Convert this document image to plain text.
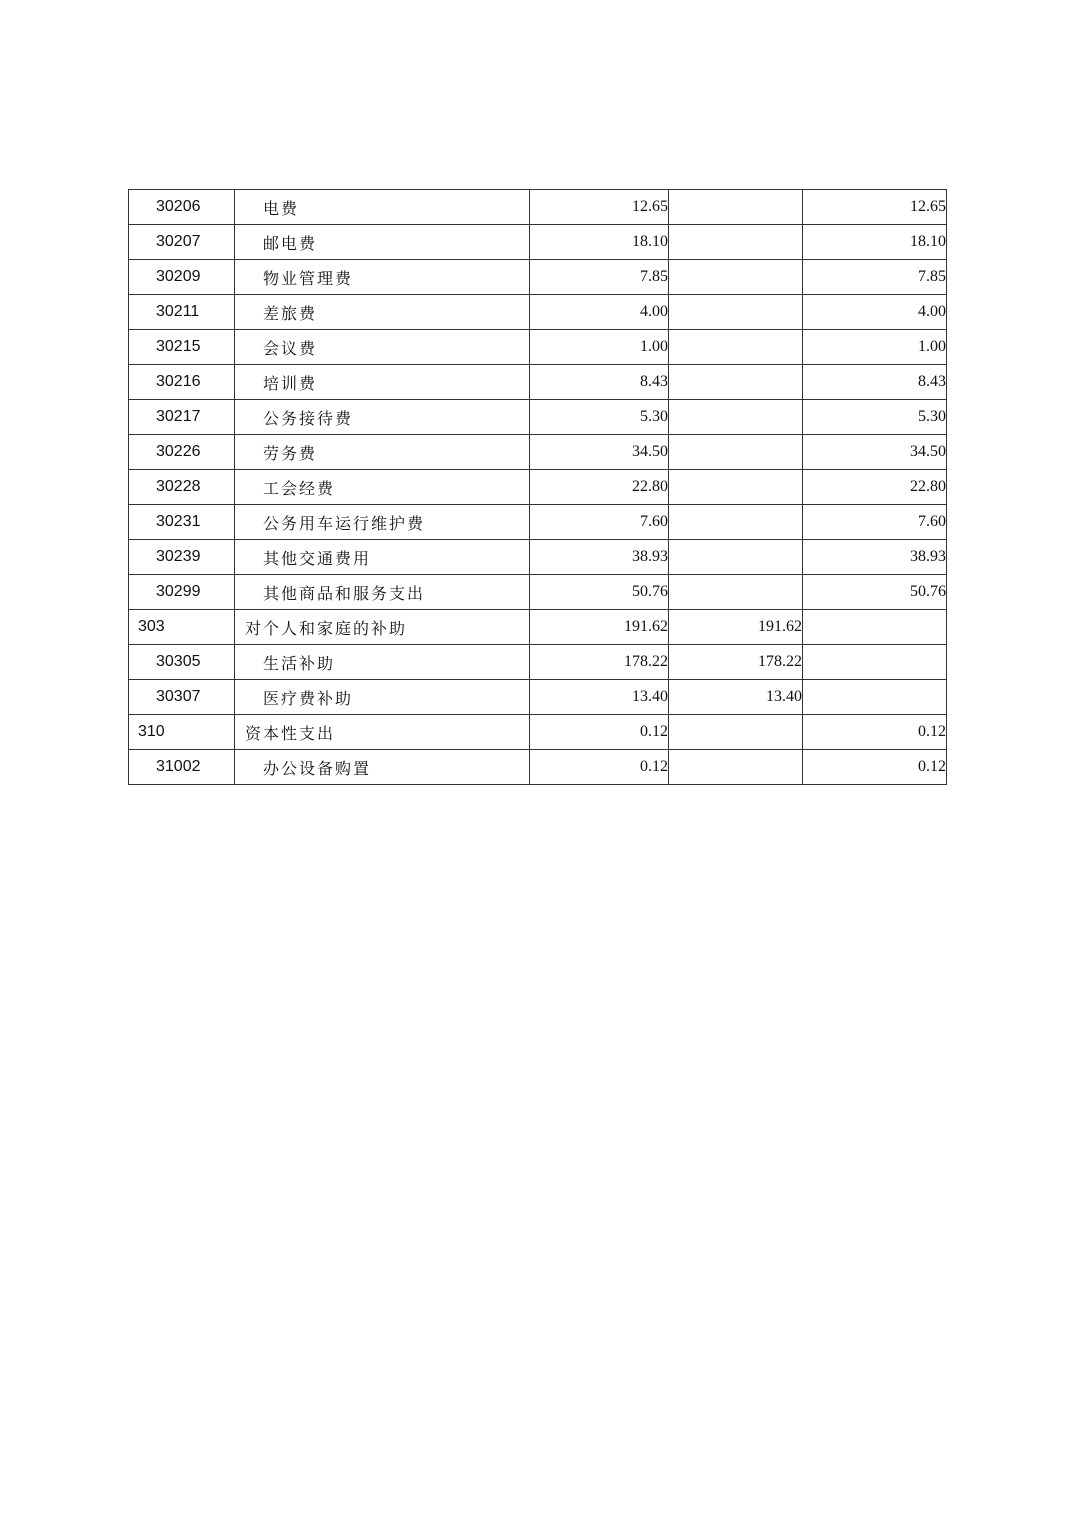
30206	电费	12.65		12.65
30207	邮电费	18.10		18.10
30209	物业管理费	7.85		7.85
30211	差旅费	4.00		4.00
30215	会议费	1.00		1.00
30216	培训费	8.43		8.43
30217	公务接待费	5.30		5.30
30226	劳务费	34.50		34.50
30228	工会经费	22.80		22.80
30231	公务用车运行维护费	7.60		7.60
30239	其他交通费用	38.93		38.93
30299	其他商品和服务支出	50.76		50.76
303	对个人和家庭的补助	191.62	191.62	
30305	生活补助	178.22	178.22	
30307	医疗费补助	13.40	13.40	
310	资本性支出	0.12		0.12
31002	办公设备购置	0.12		0.12
